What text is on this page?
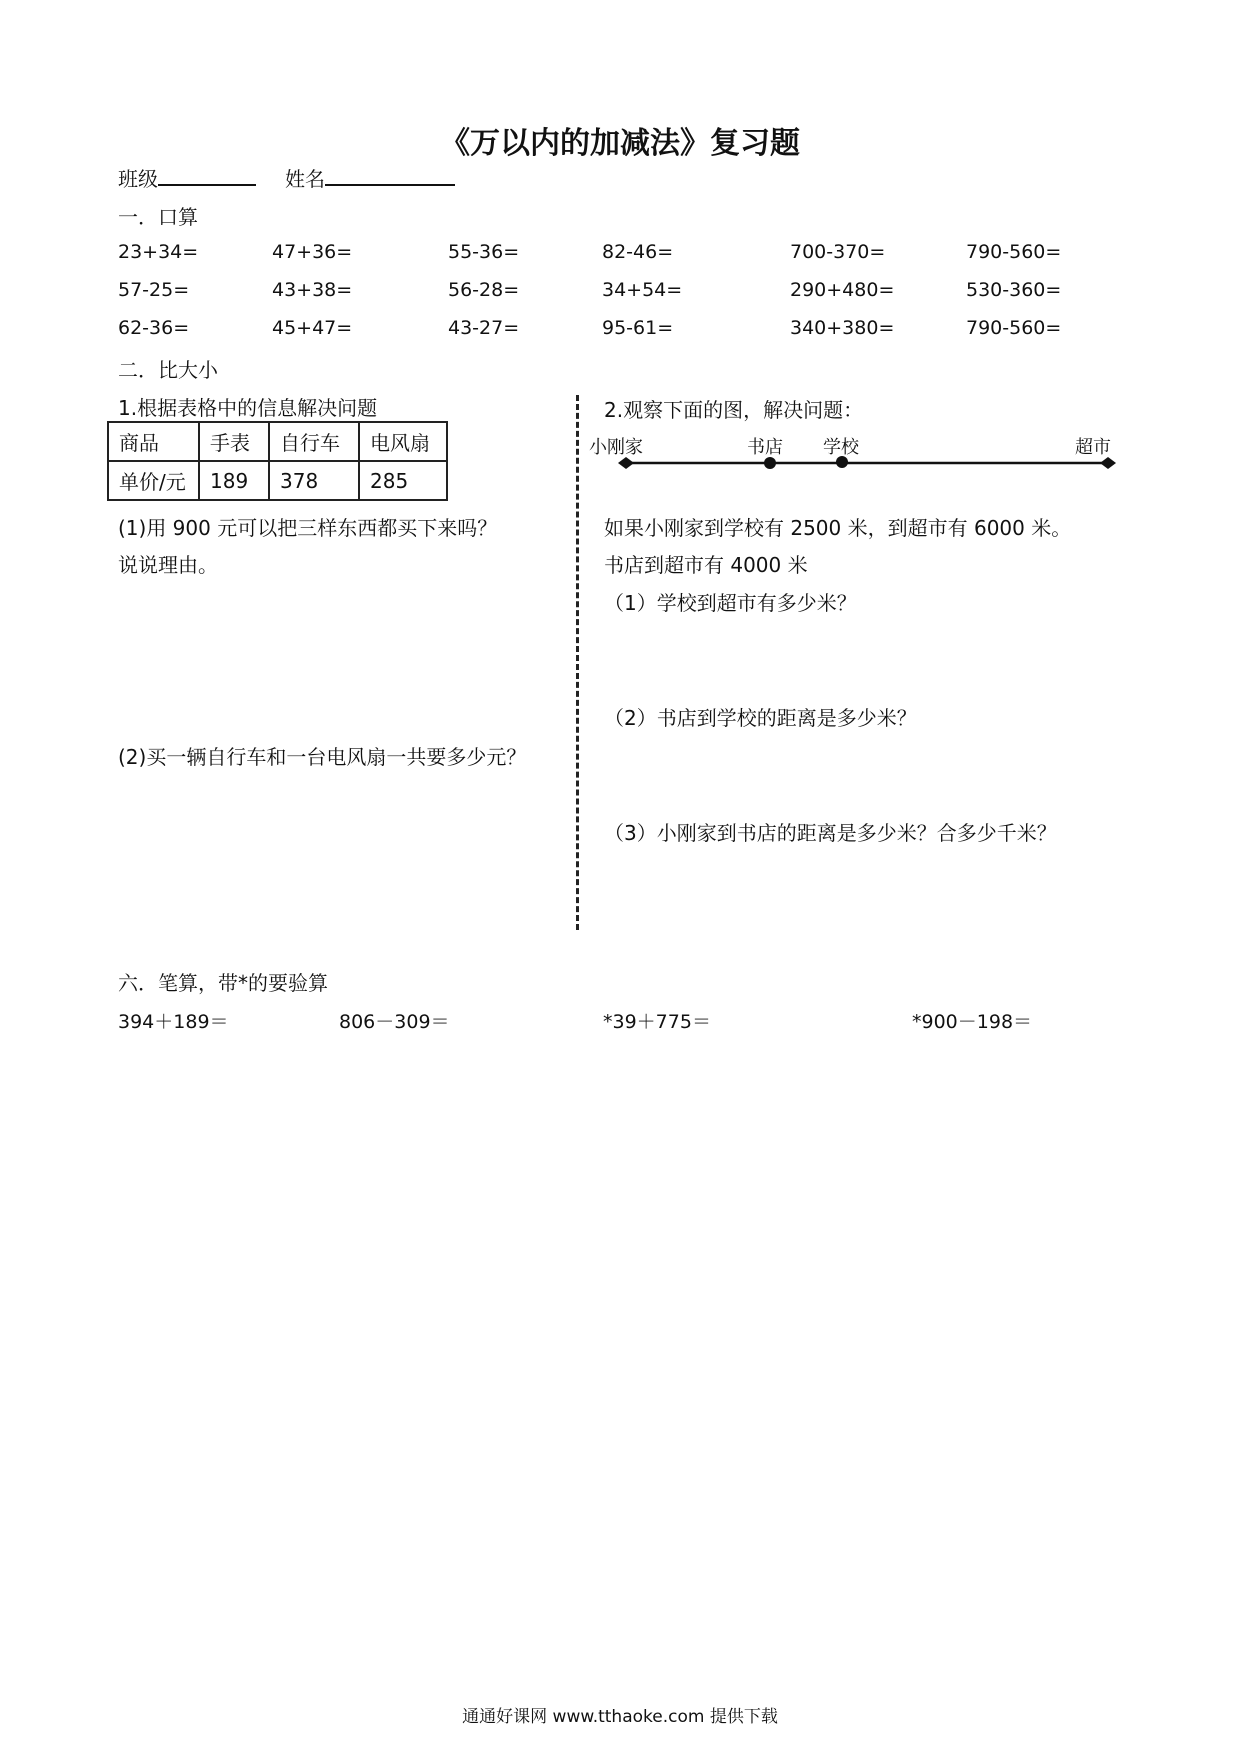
《万以内的加减法》复习题
班级	姓名
一．口算
23+34=	47+36=	55-36=	82-46=	700-370=	790-560=
57-25=	43+38=	56-28=	34+54=	290+480=	530-360=
62-36=	45+47=	43-27=	95-61=	340+380=	790-560=
二．比大小
1.根据表格中的信息解决问题
商品	手表	自行车	电风扇
单价/元	189	378	285
(1)用 900 元可以把三样东西都买下来吗？
说说理由。
(2)买一辆自行车和一台电风扇一共要多少元？
2.观察下面的图，解决问题：
小刚家	书店 学校	超市
如果小刚家到学校有 2500 米，到超市有 6000 米。
书店到超市有 4000 米
（1）学校到超市有多少米？
（2）书店到学校的距离是多少米？
（3）小刚家到书店的距离是多少米？合多少千米？
六．笔算，带*的要验算
394＋189＝	806－309＝	*39＋775＝	*900－198＝
通通好课网 www.tthaoke.com 提供下载
